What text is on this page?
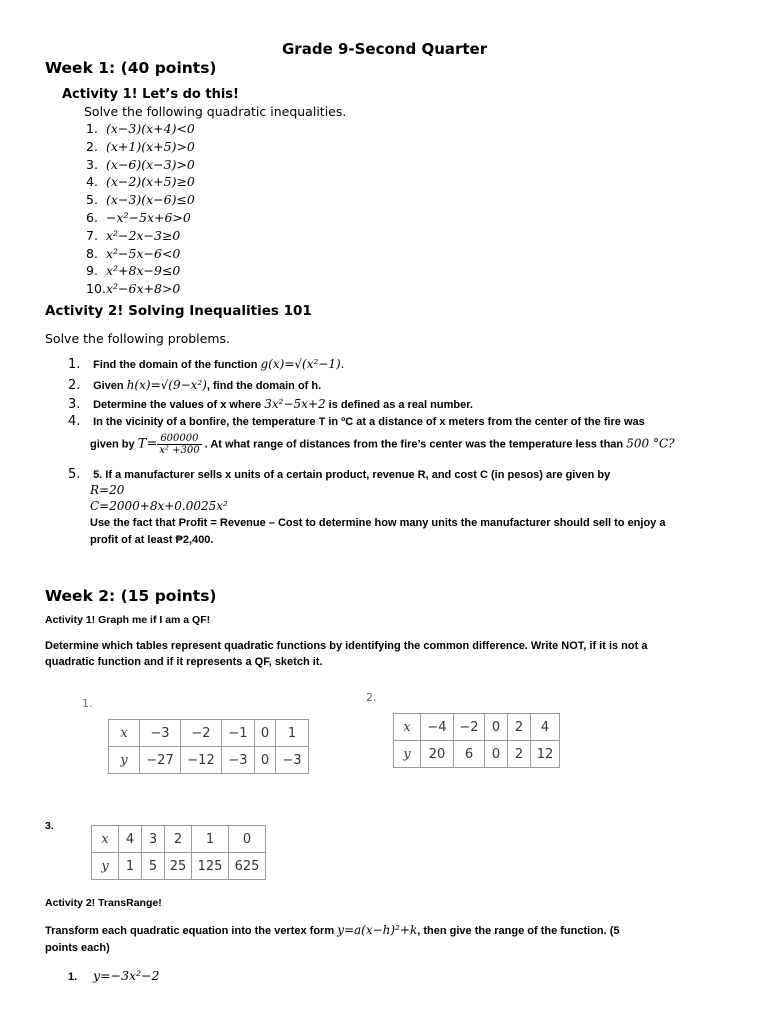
Grade 9-Second Quarter
Week 1: (40 points)
Activity 1! Let’s do this!
Solve the following quadratic inequalities.
1. (x−3)(x+4)<0
2. (x+1)(x+5)>0
3. (x−6)(x−3)>0
4. (x−2)(x+5)≥0
5. (x−3)(x−6)≤0
6. −x²−5x+6>0
7. x²−2x−3≥0
8. x²−5x−6<0
9. x²+8x−9≤0
10. x²−6x+8>0
Activity 2! Solving Inequalities 101
Solve the following problems.
1. Find the domain of the function g(x)=√(x²−1).
2. Given h(x)=√(9−x²), find the domain of h.
3. Determine the values of x where 3x²−5x+2 is defined as a real number.
4. In the vicinity of a bonfire, the temperature T in ºC at a distance of x meters from the center of the fire was
given by $T= \frac{600000}{\text{x² +300}}$ . At what range of distances from the fire’s center was the temperature less than 500 °C?
5. 5. If a manufacturer sells x units of a certain product, revenue R, and cost C (in pesos) are given by
R=20
C=2000+8x+0.0025x²
Use the fact that Profit = Revenue – Cost to determine how many units the manufacturer should sell to enjoy a
profit of at least ₱2,400.
Week 2: (15 points)
Activity 1! Graph me if I am a QF!
Determine which tables represent quadratic functions by identifying the common difference. Write NOT, if it is not a
quadratic function and if it represents a QF, sketch it.
1.	2.
3.
x	−3	−2	−1	0	1
y	−27	−12	−3	0	−3
x	−4	−2	0	2	4
y	20	6	0	2	12
x	4	3	2	1	0
y	1	5	25	125	625
Activity 2! TransRange!
Transform each quadratic equation into the vertex form y=a(x−h)²+k, then give the range of the function. (5
points each)
1. y=−3x²−2
